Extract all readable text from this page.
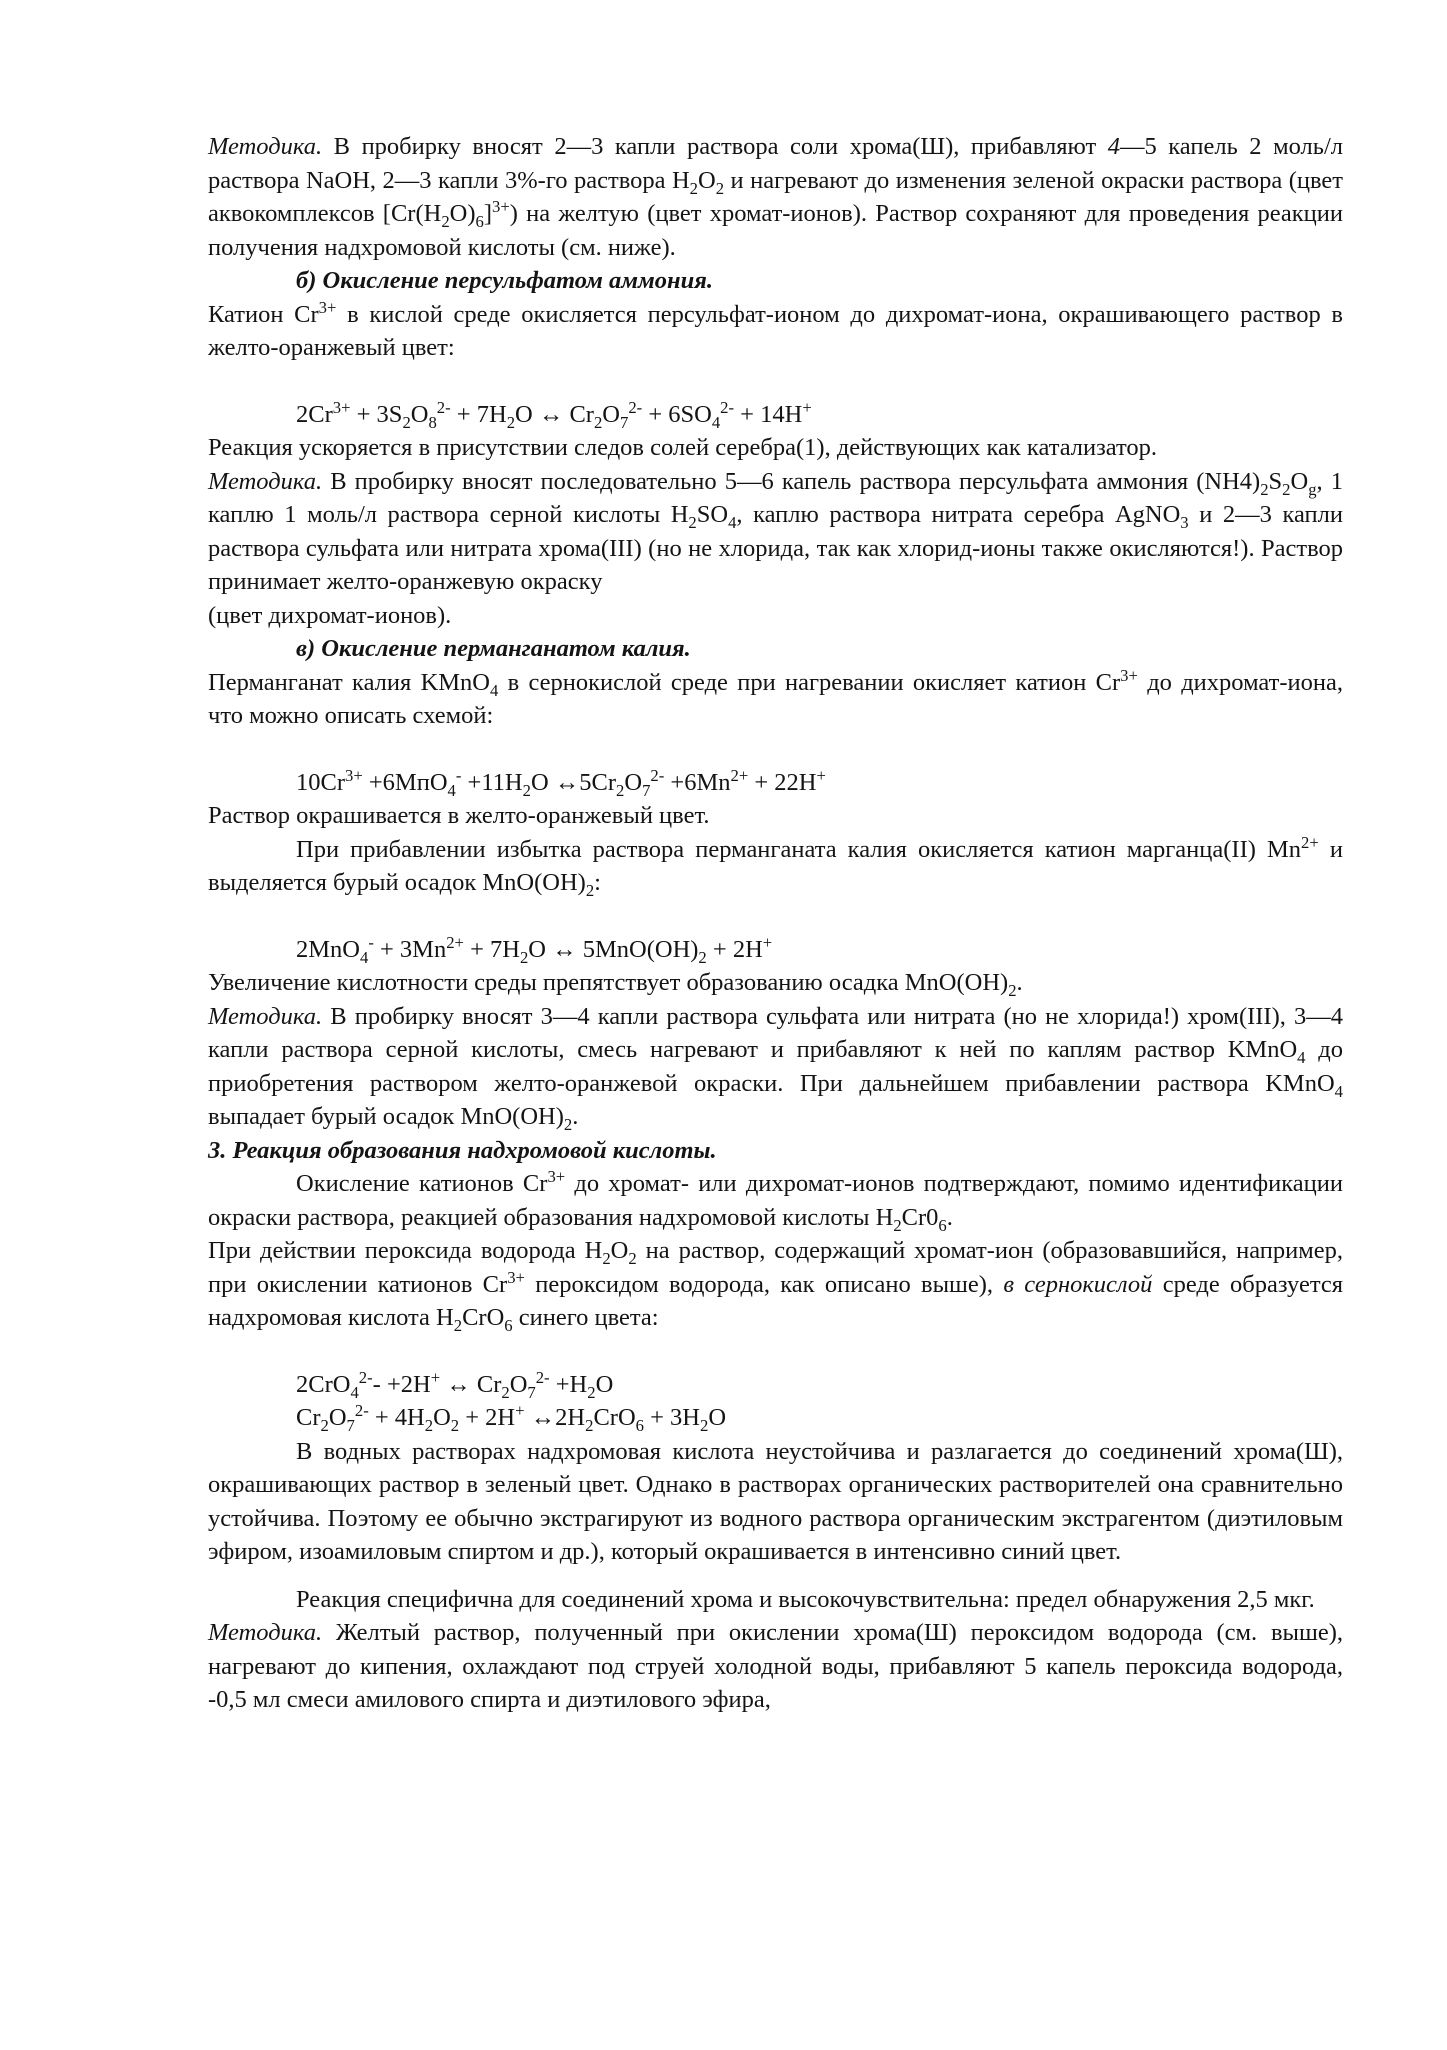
Методика. В пробирку вносят 2—3 капли раствора соли хрома(Ш), прибавляют 4—5 капель 2 моль/л раствора NaOH, 2—3 капли 3%-го раствора $H_2O_2$ и нагревают до изменения зеленой окраски раствора (цвет аквокомплексов $[Cr(H_2O)_6]^{3+}$) на желтую (цвет хромат-ионов). Раствор сохраняют для проведения реакции получения надхромовой кислоты (см. ниже).
б) Окисление персульфатом аммония.
Катион $Cr^{3+}$ в кислой среде окисляется персульфат-ионом до дихромат-иона, окрашивающего раствор в желто-оранжевый цвет:
$2Cr^{3+} + 3S_2O_8^{2-} + 7H_2O$ ↔ $Cr_2O_7^{2-} + 6SO_4^{2-} + 14H^+$
Реакция ускоряется в присутствии следов солей серебра(1), действующих как катализатор.
Методика. В пробирку вносят последовательно 5—6 капель раствора персульфата аммония $(NH4)_2S_2O_g$, 1 каплю 1 моль/л раствора серной кислоты $H_2SO_4$, каплю раствора нитрата серебра AgNO$_3$ и 2—3 капли раствора сульфата или нитрата хрома(III) (но не хлорида, так как хлорид-ионы также окисляются!). Раствор принимает желто-оранжевую окраску
(цвет дихромат-ионов).
в) Окисление перманганатом калия.
Перманганат калия KMnO$_4$ в сернокислой среде при нагревании окисляет катион $Cr^{3+}$ до дихромат-иона, что можно описать схемой:
$10Cr^{3+} +6MпO_4^- +11H_2O$ $\leftrightarrow 5Cr_2O_7^{2-} +6Mn^{2+} + 22H^+$
Раствор окрашивается в желто-оранжевый цвет.
При прибавлении избытка раствора перманганата калия окисляется катион марганца(II) $Mn^{2+}$ и выделяется бурый осадок $MnO(OH)_2$:
$2MnO_4^- + 3Mn^{2+} + 7H_2O$ ↔ $5MnO(OH)_2 + 2H^+$
Увеличение кислотности среды препятствует образованию осадка $MnO(OH)_2$.
Методика. В пробирку вносят 3—4 капли раствора сульфата или нитрата (но не хлорида!) хром(III), 3—4 капли раствора серной кислоты, смесь нагревают и прибавляют к ней по каплям раствор KMnO$_4$ до приобретения раствором желто-оранжевой окраски. При дальнейшем прибавлении раствора KMnO$_4$ выпадает бурый осадок $MnO(OH)_2$.
3. Реакция образования надхромовой кислоты.
Окисление катионов $Cr^{3+}$ до хромат- или дихромат-ионов подтверждают, помимо идентификации окраски раствора, реакцией образования надхромовой кислоты $H_2Cr0_6$.
При действии пероксида водорода $H_2O_2$ на раствор, содержащий хромат-ион (образовавшийся, например, при окислении катионов $Cr^{3+}$ пероксидом водорода, как описано выше), в сернокислой среде образуется надхромовая кислота $H_2CrO_6$ синего цвета:
2CrO$_4^{2-}$- +2H+ ↔ $Cr_2O_7^{2-} +H_2O$
$Cr_2O_7^{2-} + 4H_2O_2 + 2H^+$ $\leftrightarrow 2H_2CrO_6 + 3H_2O$
В водных растворах надхромовая кислота неустойчива и разлагается до соединений хрома(Ш), окрашивающих раствор в зеленый цвет. Однако в растворах органических растворителей она сравнительно устойчива. Поэтому ее обычно экстрагируют из водного раствора органическим экстрагентом (диэтиловым эфиром, изоамиловым спиртом и др.), который окрашивается в интенсивно синий цвет.
Реакция специфична для соединений хрома и высокочувствительна: предел обнаружения 2,5 мкг.
Методика. Желтый раствор, полученный при окислении хрома(Ш) пероксидом водорода (см. выше), нагревают до кипения, охлаждают под струей холодной воды, прибавляют 5 капель пероксида водорода, -0,5 мл смеси амилового спирта и диэтилового эфира,
